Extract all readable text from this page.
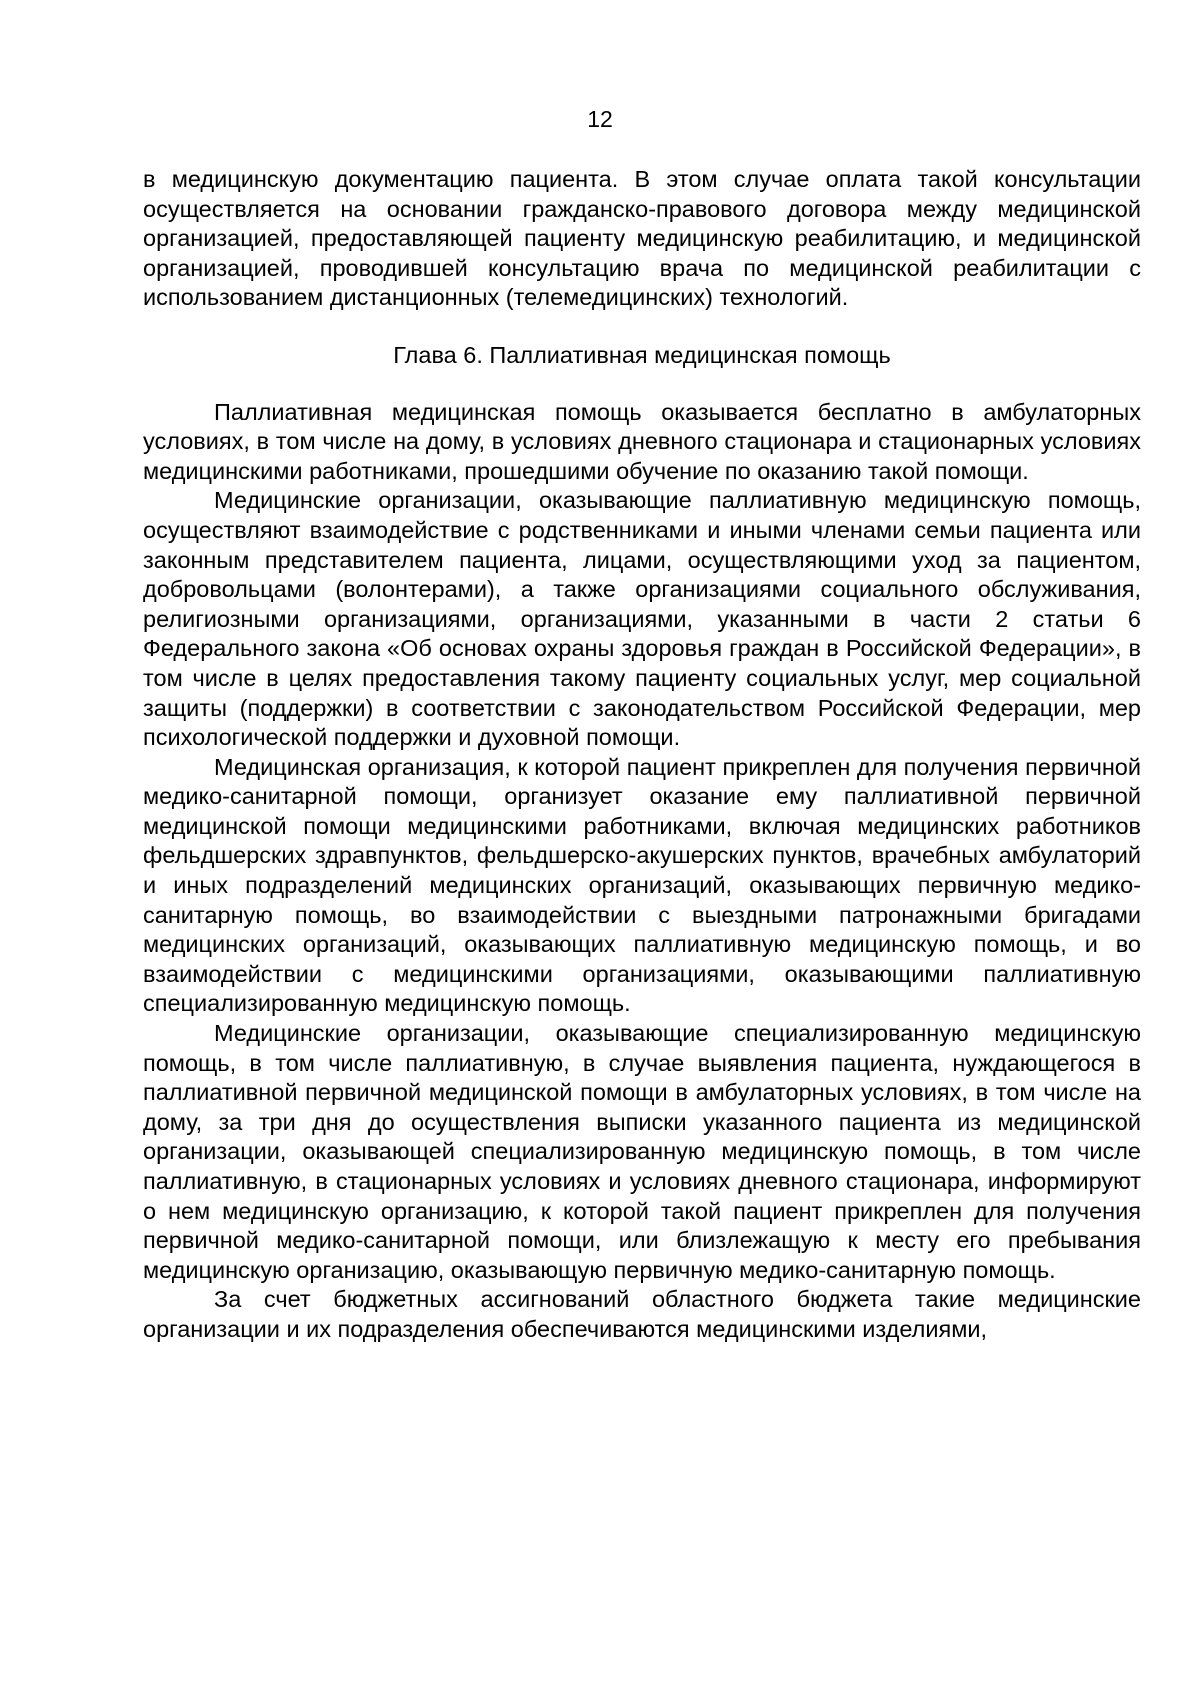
12

в медицинскую документацию пациента. В этом случае оплата такой консультации осуществляется на основании гражданско-правового договора между медицинской организацией, предоставляющей пациенту медицинскую реабилитацию, и медицинской организацией, проводившей консультацию врача по медицинской реабилитации с использованием дистанционных (телемедицинских) технологий.

Глава 6. Паллиативная медицинская помощь

Паллиативная медицинская помощь оказывается бесплатно в амбулаторных условиях, в том числе на дому, в условиях дневного стационара и стационарных условиях медицинскими работниками, прошедшими обучение по оказанию такой помощи.

Медицинские организации, оказывающие паллиативную медицинскую помощь, осуществляют взаимодействие с родственниками и иными членами семьи пациента или законным представителем пациента, лицами, осуществляющими уход за пациентом, добровольцами (волонтерами), а также организациями социального обслуживания, религиозными организациями, организациями, указанными в части 2 статьи 6 Федерального закона «Об основах охраны здоровья граждан в Российской Федерации», в том числе в целях предоставления такому пациенту социальных услуг, мер социальной защиты (поддержки) в соответствии с законодательством Российской Федерации, мер психологической поддержки и духовной помощи.

Медицинская организация, к которой пациент прикреплен для получения первичной медико-санитарной помощи, организует оказание ему паллиативной первичной медицинской помощи медицинскими работниками, включая медицинских работников фельдшерских здравпунктов, фельдшерско-акушерских пунктов, врачебных амбулаторий и иных подразделений медицинских организаций, оказывающих первичную медико-санитарную помощь, во взаимодействии с выездными патронажными бригадами медицинских организаций, оказывающих паллиативную медицинскую помощь, и во взаимодействии с медицинскими организациями, оказывающими паллиативную специализированную медицинскую помощь.

Медицинские организации, оказывающие специализированную медицинскую помощь, в том числе паллиативную, в случае выявления пациента, нуждающегося в паллиативной первичной медицинской помощи в амбулаторных условиях, в том числе на дому, за три дня до осуществления выписки указанного пациента из медицинской организации, оказывающей специализированную медицинскую помощь, в том числе паллиативную, в стационарных условиях и условиях дневного стационара, информируют о нем медицинскую организацию, к которой такой пациент прикреплен для получения первичной медико-санитарной помощи, или близлежащую к месту его пребывания медицинскую организацию, оказывающую первичную медико-санитарную помощь.

За счет бюджетных ассигнований областного бюджета такие медицинские организации и их подразделения обеспечиваются медицинскими изделиями,
